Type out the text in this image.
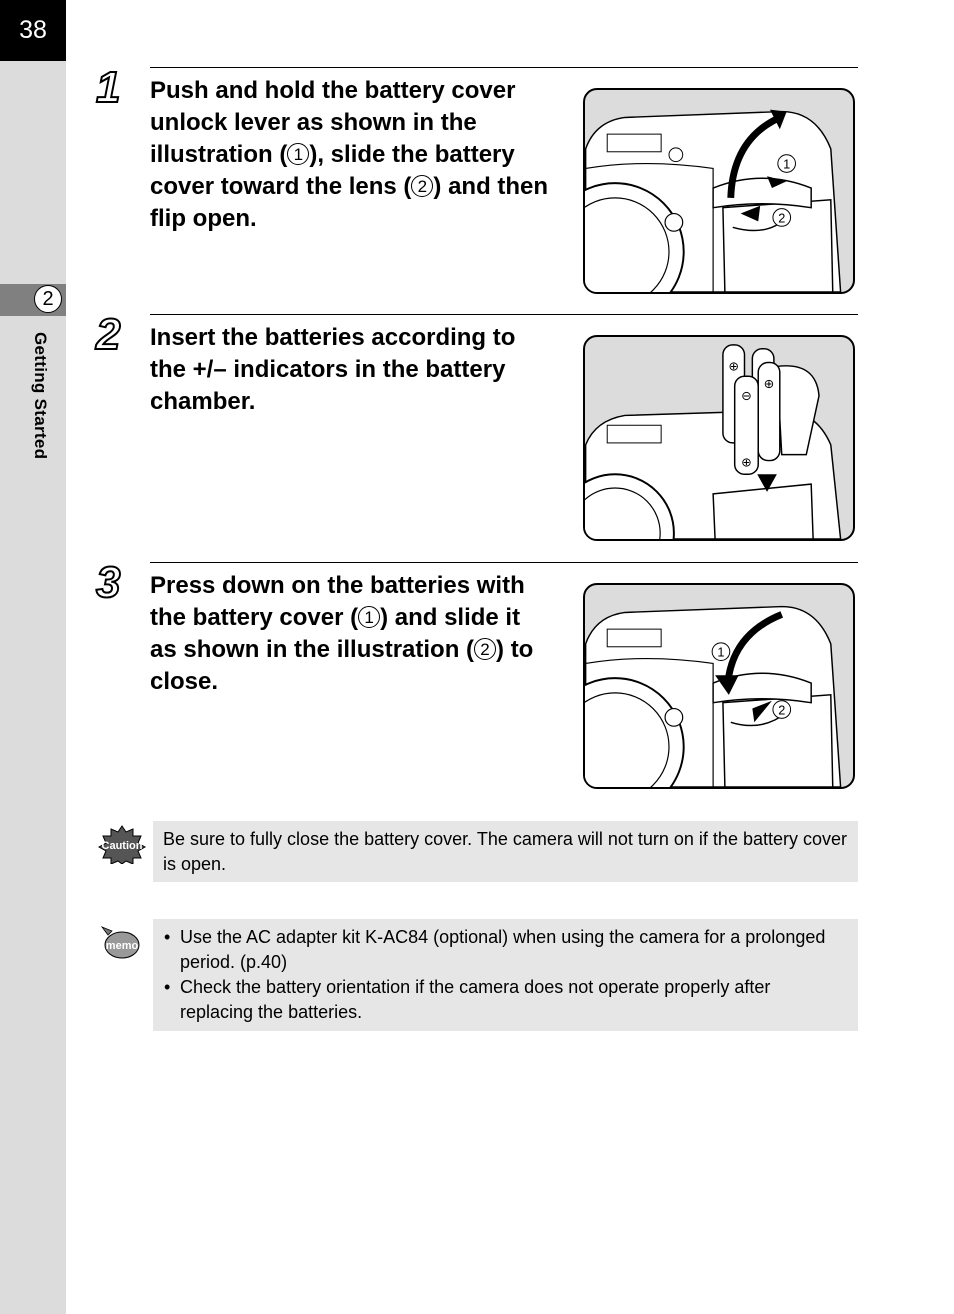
38
2
Getting Started
1 Push and hold the battery cover unlock lever as shown in the illustration ( 1 ), slide the battery cover toward the lens ( 2 ) and then flip open.

1
2
2 Insert the batteries according to the +/– indicators in the battery chamber.	⊖
⊕
⊕
⊕
3 Press down on the batteries with the battery cover ( 1 ) and slide it as shown in the illustration ( 2 ) to close.

1
2
Caution	Be sure to fully close the battery cover. The camera will not turn on if the battery cover is open.
memo
• Use the AC adapter kit K-AC84 (optional) when using the camera for a prolonged period. (p.40)
• Check the battery orientation if the camera does not operate properly after replacing the batteries.
